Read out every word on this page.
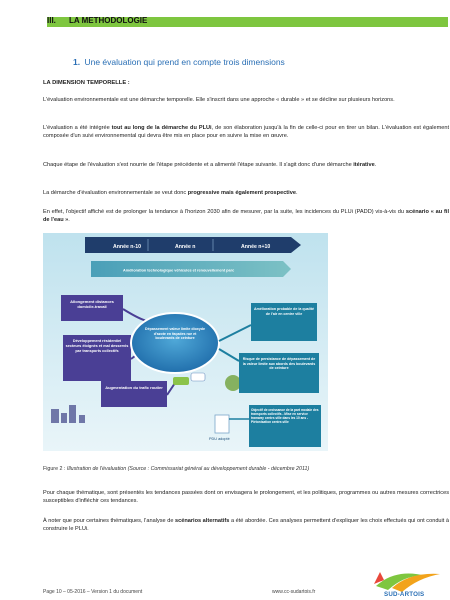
III. LA METHODOLOGIE
1. Une évaluation qui prend en compte trois dimensions
LA DIMENSION TEMPORELLE :
L'évaluation environnementale est une démarche temporelle. Elle s'inscrit dans une approche « durable » et se décline sur plusieurs horizons.
L'évaluation a été intégrée tout au long de la démarche du PLUi, de son élaboration jusqu'à la fin de celle-ci pour en tirer un bilan. L'évaluation est également composée d'un suivi environnemental qui devra être mis en place pour en suivre la mise en œuvre.
Chaque étape de l'évaluation s'est nourrie de l'étape précédente et a alimenté l'étape suivante. Il s'agit donc d'une démarche itérative.
La démarche d'évaluation environnementale se veut donc progressive mais également prospective.
En effet, l'objectif affiché est de prolonger la tendance à l'horizon 2030 afin de mesurer, par la suite, les incidences du PLUi (PADD) vis-à-vis du scénario « au fil de l'eau ».
Année n-10	Année n	Année n+10
Amélioration technologique véhicules et renouvellement parc
Allongement distances domicile-travail
Développement résidentiel secteurs éloignés et mal desservis par transports collectifs
Augmentation du trafic routier
Dépassement valeur limite dioxyde d'azote en façades rue et boulevards de ceinture
Amélioration probable de la qualité de l'air en centre ville
Risque de persistance de dépassement de la valeur limite aux abords des boulevards de ceinture
Objectif de croissance de la part modale des transports collectifs - Mise en service tramway centre-ville dans les 10 ans - Piétonisation centre-ville
PDU adopté
Figure 2 : Illustration de l'évaluation (Source : Commissariat général au développement durable - décembre 2011)
Pour chaque thématique, sont présentés les tendances passées dont on envisagera le prolongement, et les politiques, programmes ou autres mesures correctrices susceptibles d'infléchir ces tendances.
À noter que pour certaines thématiques, l'analyse de scénarios alternatifs a été abordée. Ces analyses permettent d'expliquer les choix effectués qui ont conduit à construire le PLUi.
Page 10 – 05-2016 – Version 1 du document	www.cc-sudartois.fr	SUD-ARTOIS
